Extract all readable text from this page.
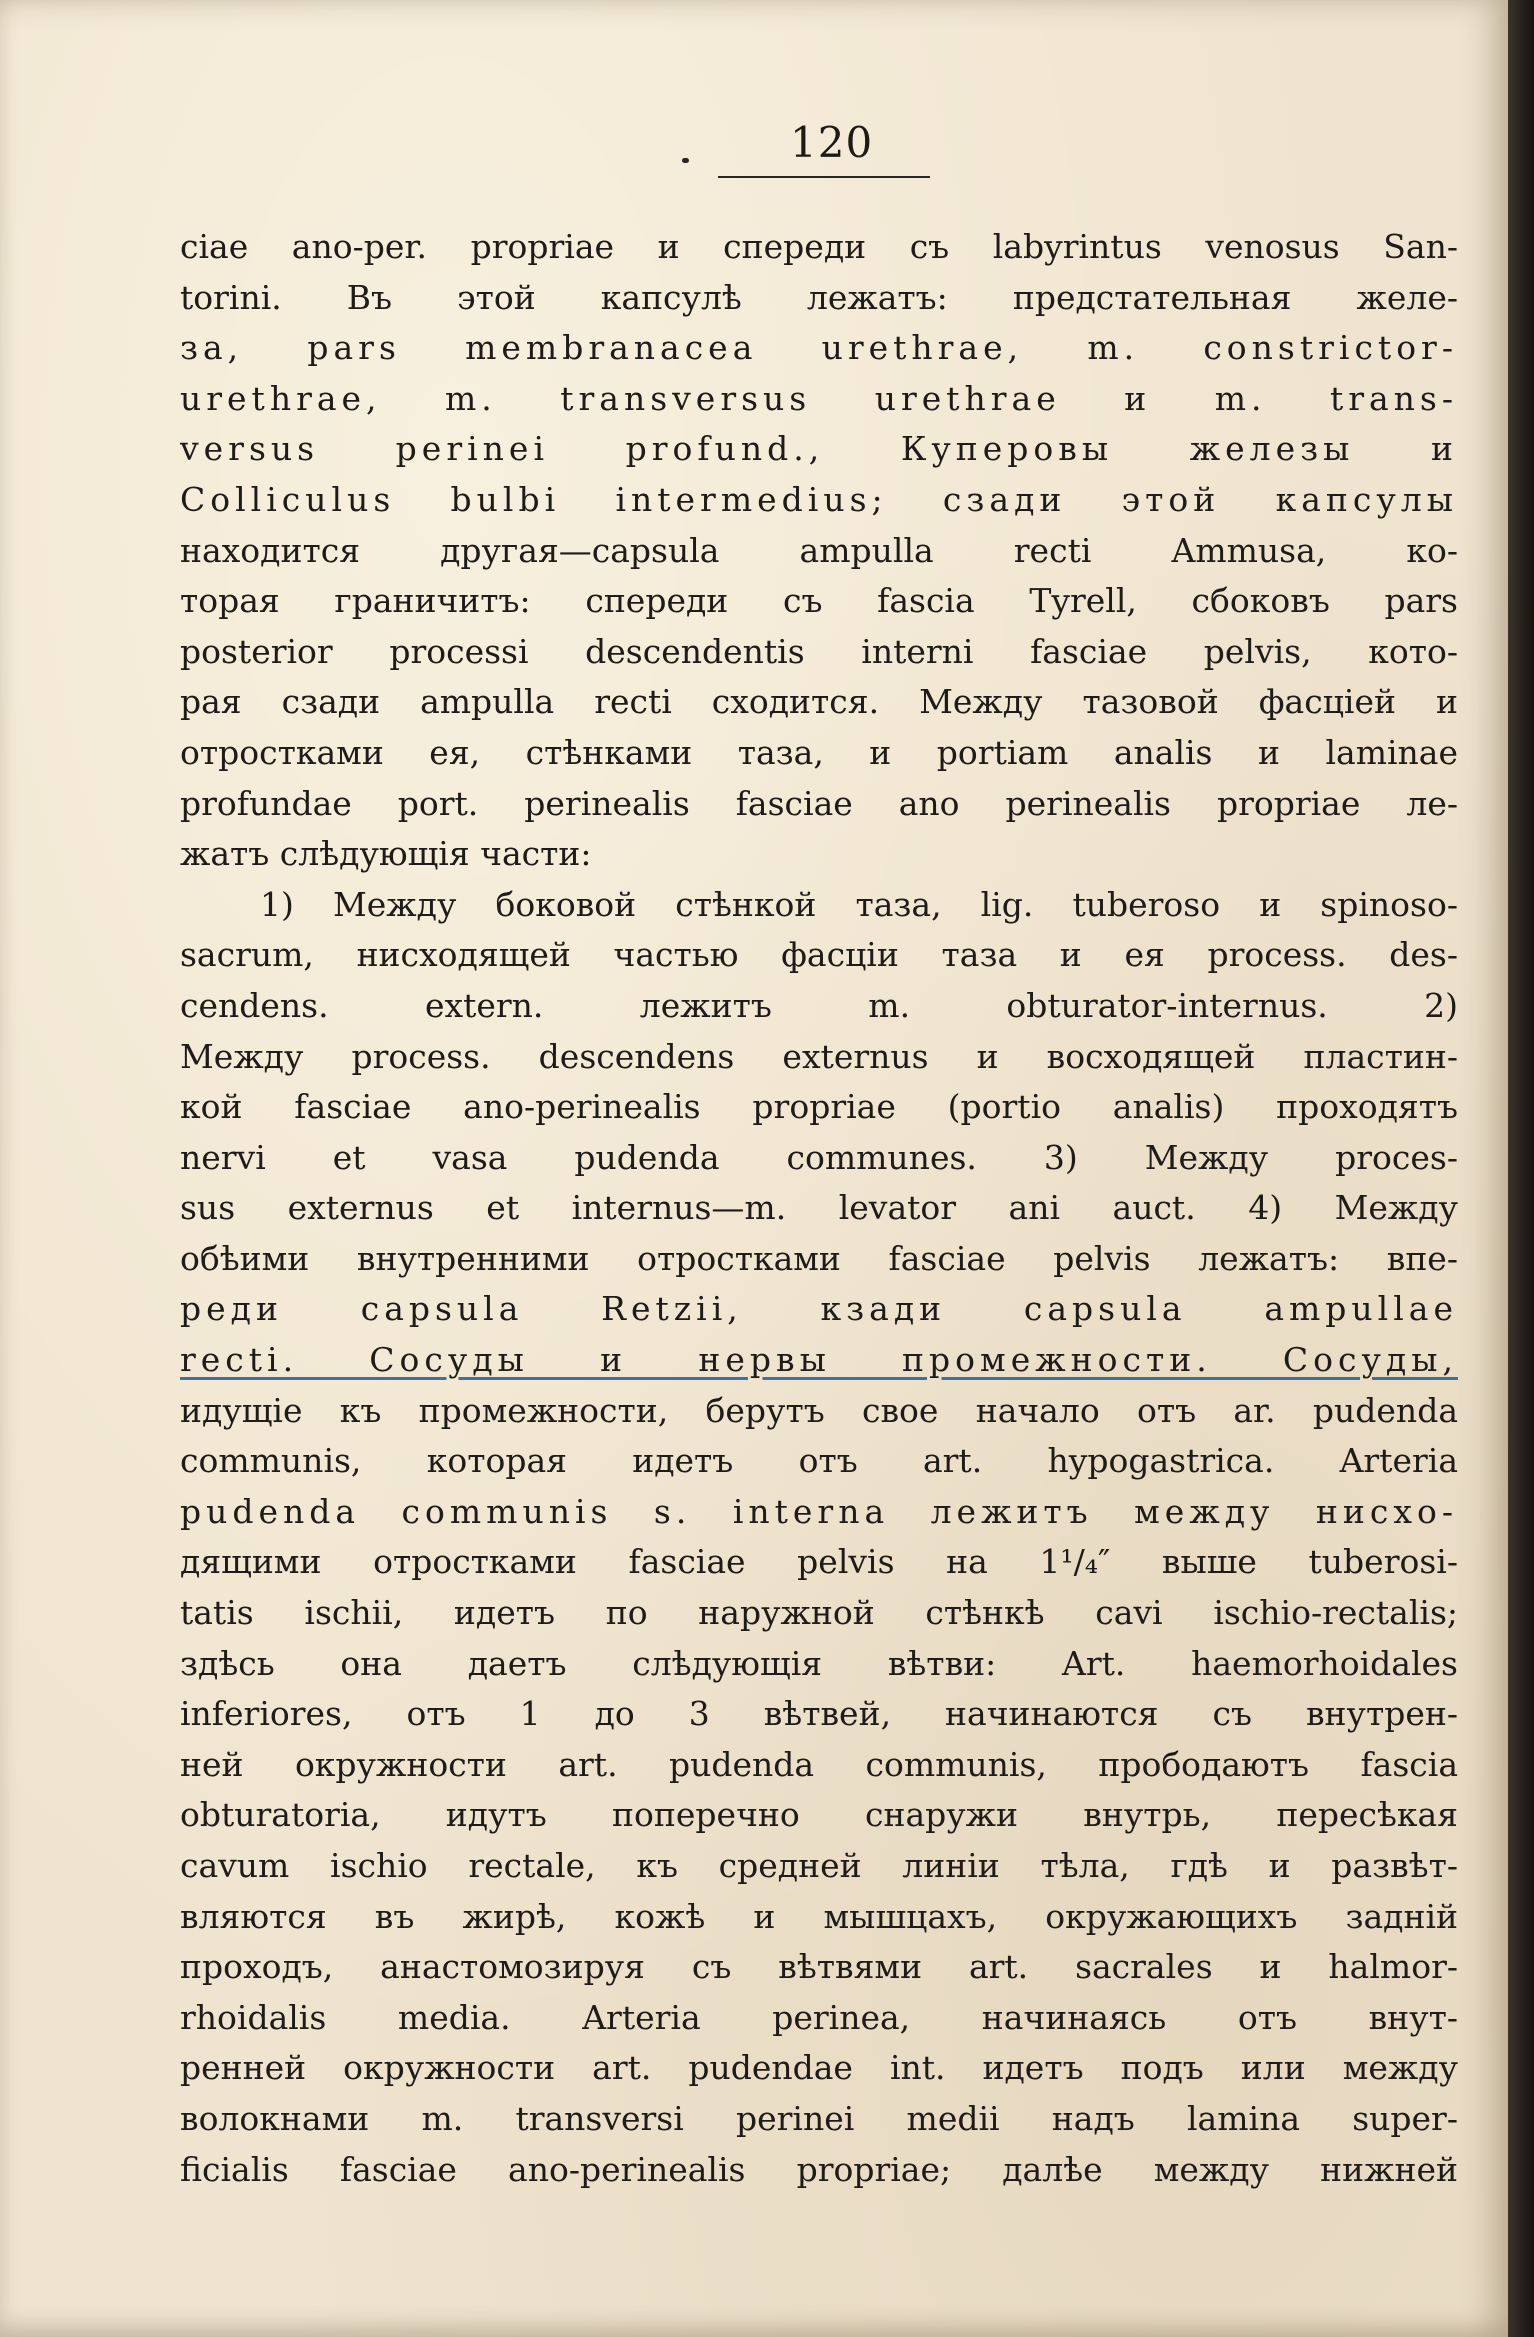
120
ciae ano-per. propriae и спереди съ labyrintus venosus San-
torini. Въ этой капсулѣ лежатъ: предстательная желе-
за, pars membranacea urethrae, m. constrictor-
urethrae, m. transversus urethrae и m. trans-
versus perinei profund., Куперовы железы и
Colliculus bulbi intermedius; сзади этой капсулы
находится другая—capsula ampulla recti Ammusa, ко-
торая граничитъ: спереди съ fascia Tyrell, сбоковъ pars
posterior processi descendentis interni fasciae pelvis, кото-
рая сзади ampulla recti сходится. Между тазовой фасціей и
отростками ея, стѣнками таза, и portiam analis и laminae
profundae port. perinealis fasciae ano perinealis propriae ле-
жатъ слѣдующія части:
1) Между боковой стѣнкой таза, lig. tuberoso и spinoso-
sacrum, нисходящей частью фасціи таза и ея process. des-
cendens. extern. лежитъ m. obturator-internus. 2)
Между process. descendens externus и восходящей пластин-
кой fasciae ano-perinealis propriae (portio analis) проходятъ
nervi et vasa pudenda communes. 3) Между proces-
sus externus et internus—m. levator ani auct. 4) Между
обѣими внутренними отростками fasciae pelvis лежатъ: впе-
реди capsula Retzii, кзади capsula ampullae
recti. Сосуды и нервы промежности. Сосуды,
идущіе къ промежности, берутъ свое начало отъ ar. pudenda
communis, которая идетъ отъ art. hypogastrica. Arteria
pudenda communis s. interna лежитъ между нисхо-
дящими отростками fasciae pelvis на 1¹/₄″ выше tuberosi-
tatis ischii, идетъ по наружной стѣнкѣ cavi ischio-rectalis;
здѣсь она даетъ слѣдующія вѣтви: Art. haemorhoidales
inferiores, отъ 1 до 3 вѣтвей, начинаются съ внутрен-
ней окружности art. pudenda communis, прободаютъ fascia
obturatoria, идутъ поперечно снаружи внутрь, пересѣкая
cavum ischio rectale, къ средней линіи тѣла, гдѣ и развѣт-
вляются въ жирѣ, кожѣ и мышцахъ, окружающихъ задній
проходъ, анастомозируя съ вѣтвями art. sacrales и halmor-
rhoidalis media. Arteria perinea, начинаясь отъ внут-
ренней окружности art. pudendae int. идетъ подъ или между
волокнами m. transversi perinei medii надъ lamina super-
ficialis fasciae ano-perinealis propriae; далѣе между нижней
